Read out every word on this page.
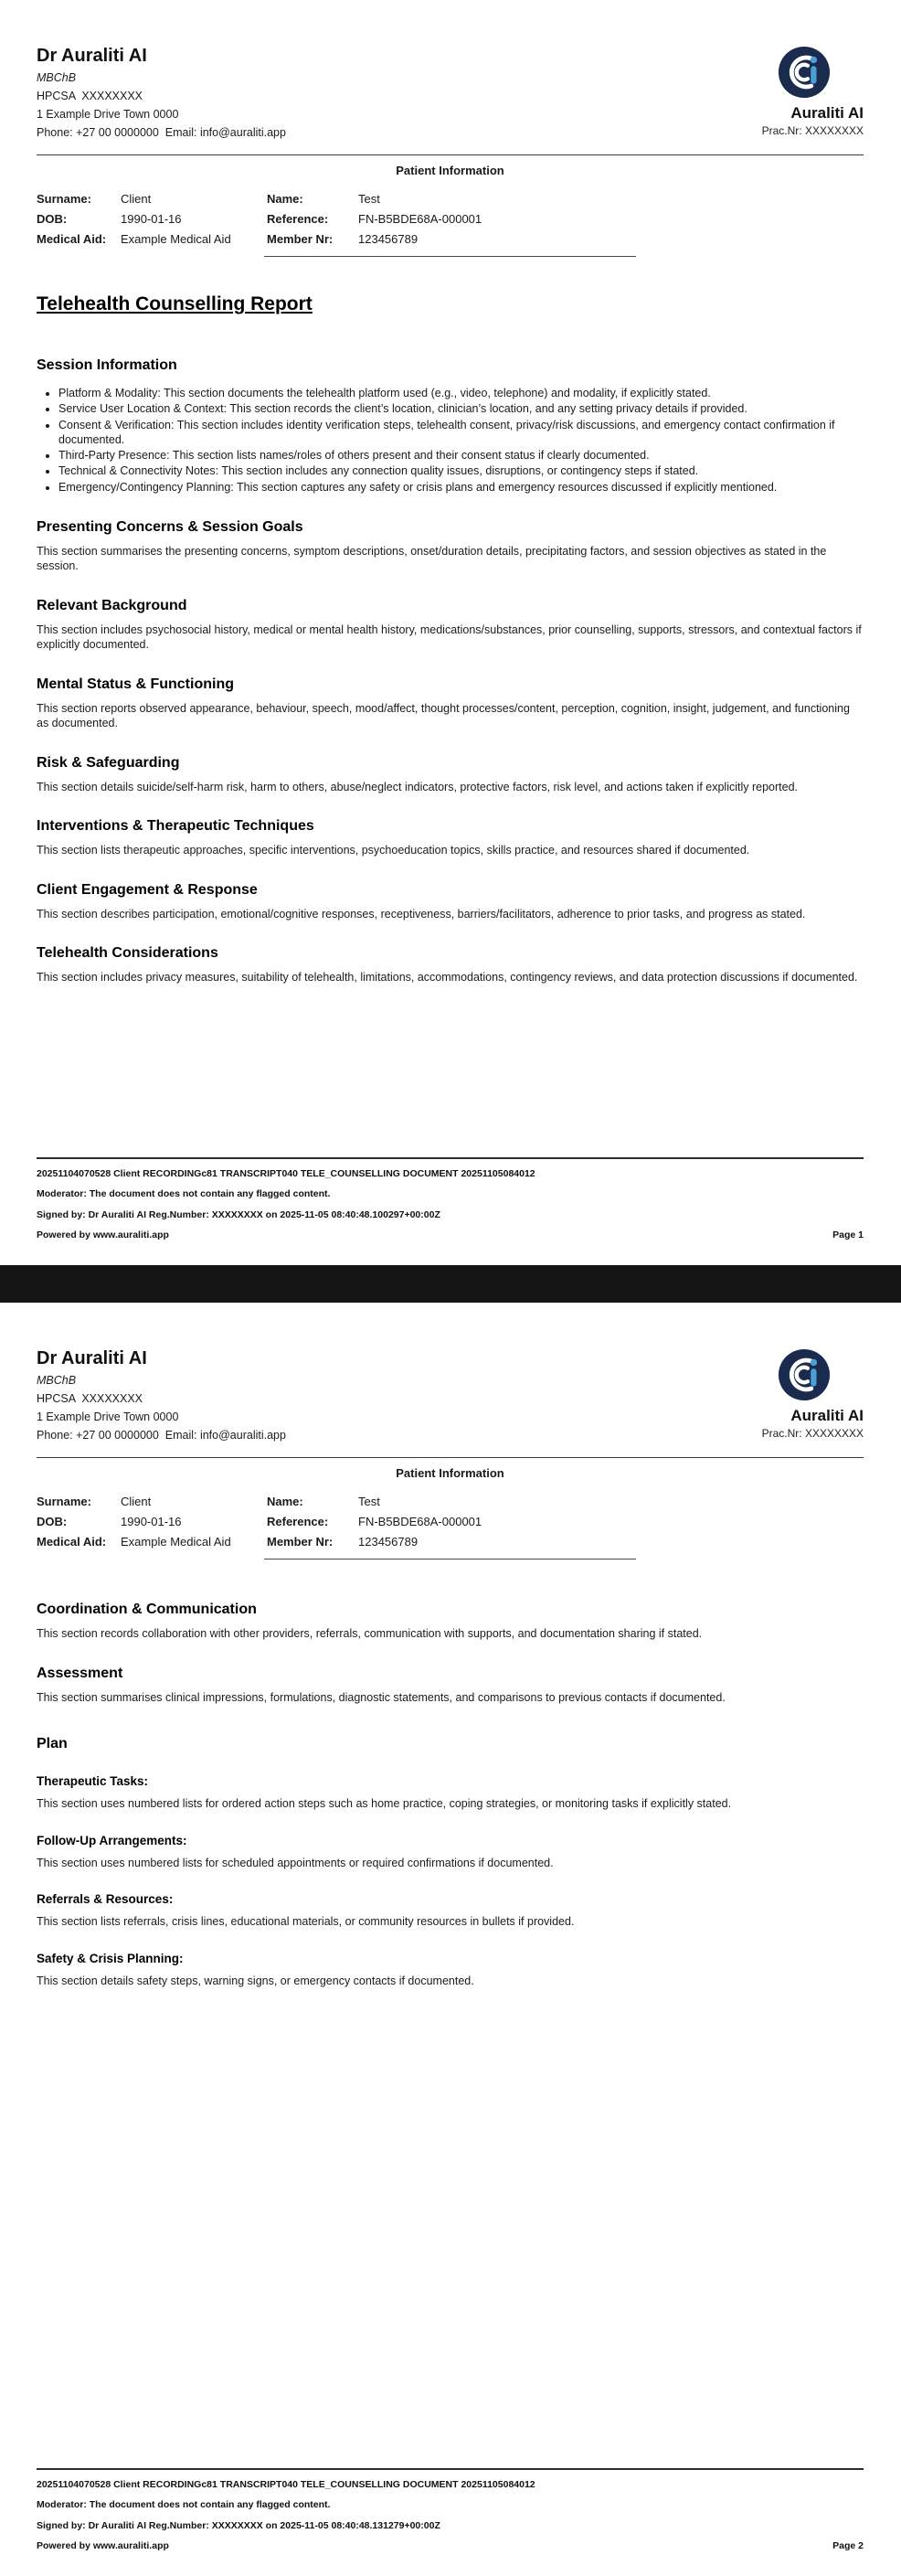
Dr Auraliti AI
MBChB
HPCSA  XXXXXXXX
1 Example Drive Town 0000
Phone: +27 00 0000000  Email: info@auraliti.app
Auraliti AI
Prac.Nr: XXXXXXXX
Patient Information
Surname:	Client	Name:	Test
DOB:	1990-01-16	Reference:	FN-B5BDE68A-000001
Medical Aid:	Example Medical Aid	Member Nr:	123456789
Telehealth Counselling Report
Session Information
• Platform & Modality: This section documents the telehealth platform used (e.g., video, telephone) and modality, if explicitly stated.
• Service User Location & Context: This section records the client’s location, clinician’s location, and any setting privacy details if provided.
• Consent & Verification: This section includes identity verification steps, telehealth consent, privacy/risk discussions, and emergency contact confirmation if documented.
• Third-Party Presence: This section lists names/roles of others present and their consent status if clearly documented.
• Technical & Connectivity Notes: This section includes any connection quality issues, disruptions, or contingency steps if stated.
• Emergency/Contingency Planning: This section captures any safety or crisis plans and emergency resources discussed if explicitly mentioned.
Presenting Concerns & Session Goals
This section summarises the presenting concerns, symptom descriptions, onset/duration details, precipitating factors, and session objectives as stated in the session.
Relevant Background
This section includes psychosocial history, medical or mental health history, medications/substances, prior counselling, supports, stressors, and contextual factors if explicitly documented.
Mental Status & Functioning
This section reports observed appearance, behaviour, speech, mood/affect, thought processes/content, perception, cognition, insight, judgement, and functioning as documented.
Risk & Safeguarding
This section details suicide/self-harm risk, harm to others, abuse/neglect indicators, protective factors, risk level, and actions taken if explicitly reported.
Interventions & Therapeutic Techniques
This section lists therapeutic approaches, specific interventions, psychoeducation topics, skills practice, and resources shared if documented.
Client Engagement & Response
This section describes participation, emotional/cognitive responses, receptiveness, barriers/facilitators, adherence to prior tasks, and progress as stated.
Telehealth Considerations
This section includes privacy measures, suitability of telehealth, limitations, accommodations, contingency reviews, and data protection discussions if documented.
20251104070528 Client RECORDINGc81 TRANSCRIPT040 TELE_COUNSELLING DOCUMENT 20251105084012
Moderator: The document does not contain any flagged content.
Signed by: Dr Auraliti AI Reg.Number: XXXXXXXX on 2025-11-05 08:40:48.100297+00:00Z
Powered by www.auraliti.app	Page 1
Dr Auraliti AI
MBChB
HPCSA  XXXXXXXX
1 Example Drive Town 0000
Phone: +27 00 0000000  Email: info@auraliti.app
Auraliti AI
Prac.Nr: XXXXXXXX
Patient Information
Surname:	Client	Name:	Test
DOB:	1990-01-16	Reference:	FN-B5BDE68A-000001
Medical Aid:	Example Medical Aid	Member Nr:	123456789
Coordination & Communication
This section records collaboration with other providers, referrals, communication with supports, and documentation sharing if stated.
Assessment
This section summarises clinical impressions, formulations, diagnostic statements, and comparisons to previous contacts if documented.
Plan
Therapeutic Tasks:
This section uses numbered lists for ordered action steps such as home practice, coping strategies, or monitoring tasks if explicitly stated.
Follow-Up Arrangements:
This section uses numbered lists for scheduled appointments or required confirmations if documented.
Referrals & Resources:
This section lists referrals, crisis lines, educational materials, or community resources in bullets if provided.
Safety & Crisis Planning:
This section details safety steps, warning signs, or emergency contacts if documented.
20251104070528 Client RECORDINGc81 TRANSCRIPT040 TELE_COUNSELLING DOCUMENT 20251105084012
Moderator: The document does not contain any flagged content.
Signed by: Dr Auraliti AI Reg.Number: XXXXXXXX on 2025-11-05 08:40:48.131279+00:00Z
Powered by www.auraliti.app	Page 2
